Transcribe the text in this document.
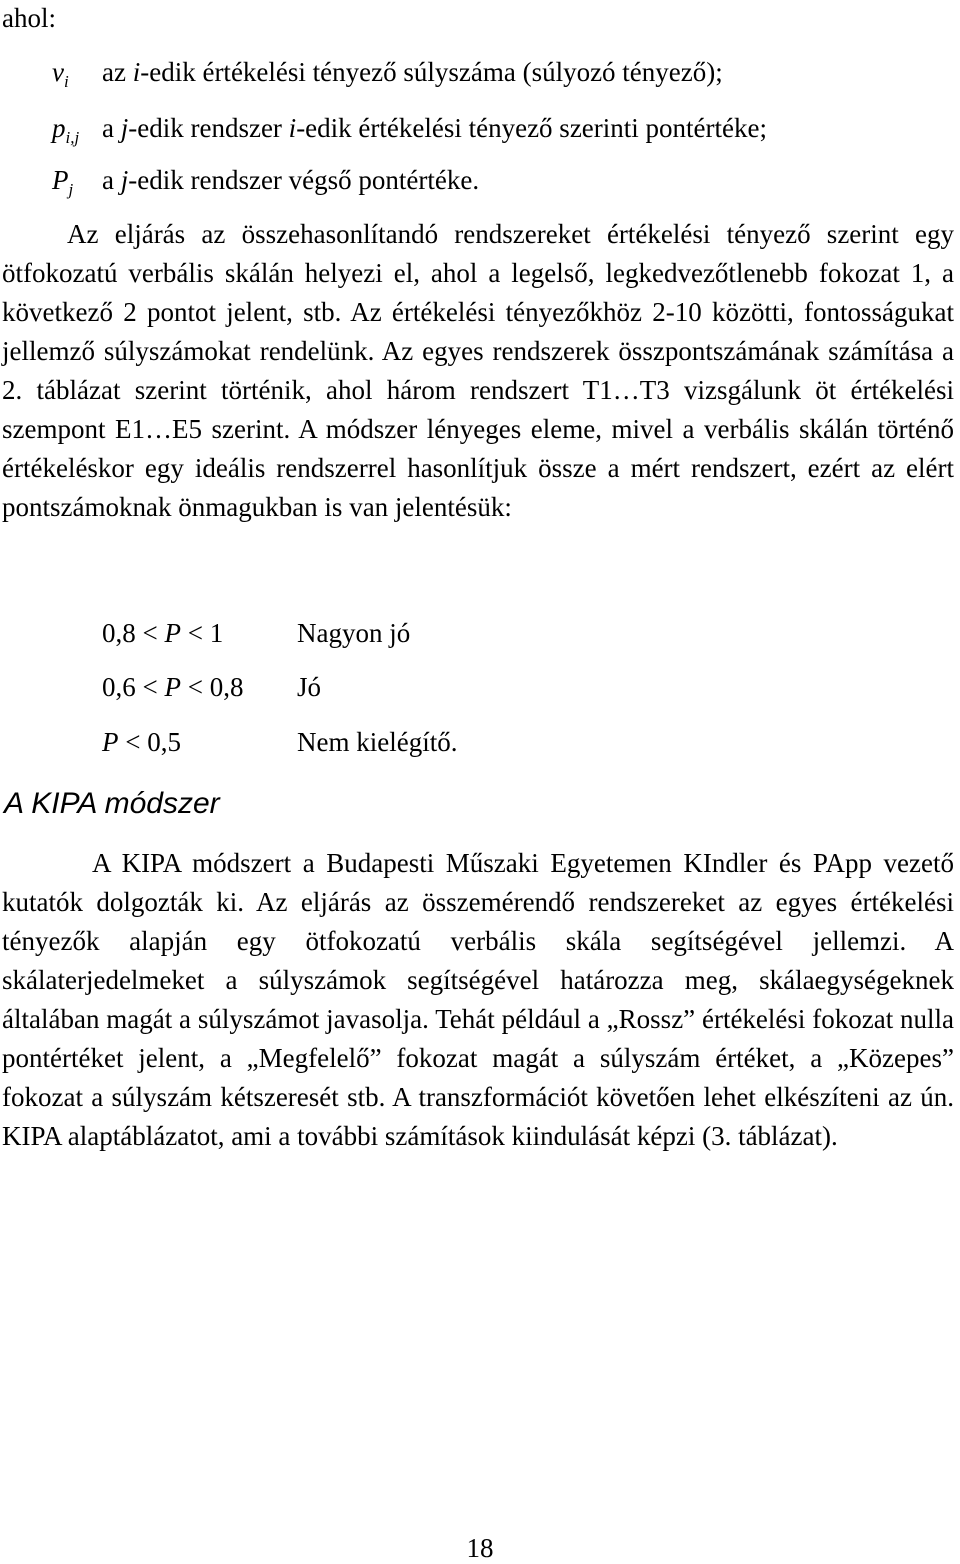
ahol:
$v_i$ az i-edik értékelési tényező súlyszáma (súlyozó tényező);
$p_{i,j}$ a j-edik rendszer i-edik értékelési tényező szerinti pontértéke;
$P_j$ a j-edik rendszer végső pontértéke.

Az eljárás az összehasonlítandó rendszereket értékelési tényező szerint egy ötfokozatú verbális skálán helyezi el, ahol a legelső, legkedvezőtlenebb fokozat 1, a következő 2 pontot jelent, stb. Az értékelési tényezőkhöz 2-10 közötti, fontosságukat jellemző súlyszámokat rendelünk. Az egyes rendszerek összpontszámának számítása a 2. táblázat szerint történik, ahol három rendszert T1…T3 vizsgálunk öt értékelési szempont E1…E5 szerint. A módszer lényeges eleme, mivel a verbális skálán történő értékeléskor egy ideális rendszerrel hasonlítjuk össze a mért rendszert, ezért az elért pontszámoknak önmagukban is van jelentésük:

0,8 < P < 1	Nagyon jó
0,6 < P < 0,8 Jó
P < 0,5	Nem kielégítő.
A KIPA módszer

A KIPA módszert a Budapesti Műszaki Egyetemen KIndler és PApp vezető kutatók dolgozták ki. Az eljárás az összemérendő rendszereket az egyes értékelési tényezők alapján egy ötfokozatú verbális skála segítségével jellemzi. A skálaterjedelmeket a súlyszámok segítségével határozza meg, skálaegységeknek általában magát a súlyszámot javasolja. Tehát például a „Rossz” értékelési fokozat nulla pontértéket jelent, a „Megfelelő” fokozat magát a súlyszám értéket, a „Közepes” fokozat a súlyszám kétszeresét stb. A transzformációt követően lehet elkészíteni az ún. KIPA alaptáblázatot, ami a további számítások kiindulását képzi (3. táblázat).

18
